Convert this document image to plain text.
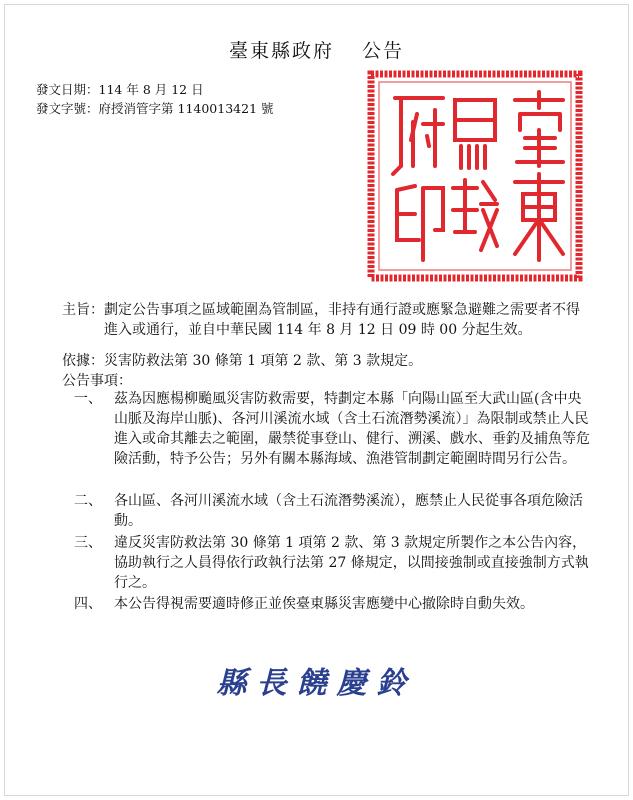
臺東縣政府 公告
發文日期：114 年 8 月 12 日
發文字號：府授消管字第 1140013421 號
主旨： 劃定公告事項之區域範圍為管制區，非持有通行證或應緊急避難之需要者不得進入或通行，並自中華民國 114 年 8 月 12 日 09 時 00 分起生效。
依據： 災害防救法第 30 條第 1 項第 2 款、第 3 款規定。
公告事項：
一、 茲為因應楊柳颱風災害防救需要，特劃定本縣「向陽山區至大武山區(含中央山脈及海岸山脈)、各河川溪流水域（含土石流潛勢溪流）」為限制或禁止人民進入或命其離去之範圍，嚴禁從事登山、健行、溯溪、戲水、垂釣及捕魚等危險活動，特予公告；另外有關本縣海域、漁港管制劃定範圍時間另行公告。
二、 各山區、各河川溪流水域（含土石流潛勢溪流），應禁止人民從事各項危險活動。
三、 違反災害防救法第 30 條第 1 項第 2 款、第 3 款規定所製作之本公告內容，協助執行之人員得依行政執行法第 27 條規定，以間接強制或直接強制方式執行之。
四、 本公告得視需要適時修正並俟臺東縣災害應變中心撤除時自動失效。
縣長饒慶鈴
